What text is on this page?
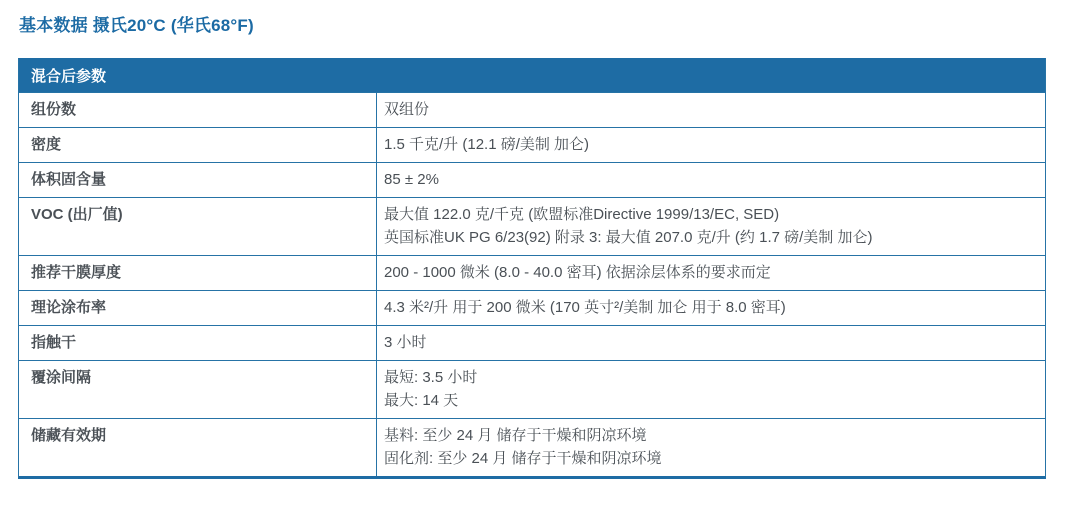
基本数据 摄氏20°C (华氏68°F)
混合后参数
组份数	双组份
密度	1.5 千克/升 (12.1 磅/美制 加仑)
体积固含量	85 ± 2%
VOC (出厂值)	最大值 122.0 克/千克 (欧盟标准Directive 1999/13/EC, SED)
英国标准UK PG 6/23(92) 附录 3: 最大值 207.0 克/升 (约 1.7 磅/美制 加仑)
推荐干膜厚度	200 - 1000 微米 (8.0 - 40.0 密耳) 依据涂层体系的要求而定
理论涂布率	4.3 米²/升 用于 200 微米 (170 英寸²/美制 加仑 用于 8.0 密耳)
指触干	3 小时
覆涂间隔	最短: 3.5 小时
最大: 14 天
储藏有效期	基料: 至少 24 月 储存于干燥和阴凉环境
固化剂: 至少 24 月 储存于干燥和阴凉环境
